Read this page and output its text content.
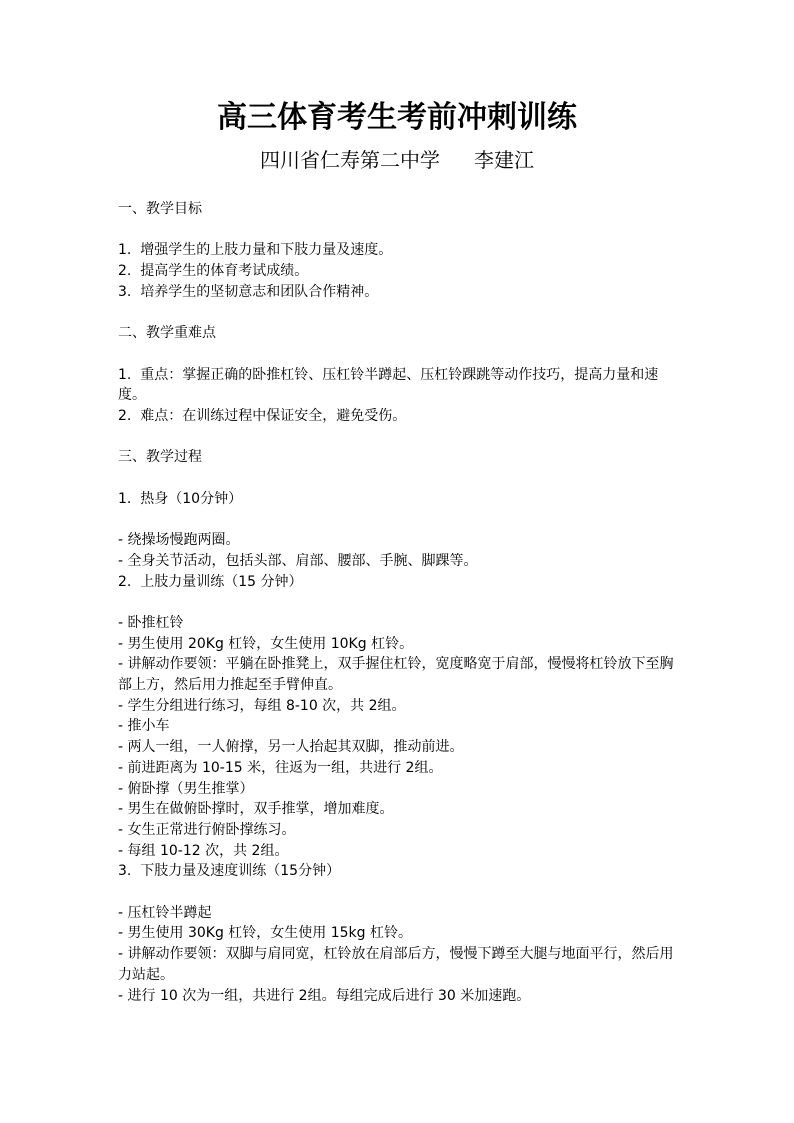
高三体育考生考前冲刺训练
四川省仁寿第二中学 李建江

一、教学目标

1.  增强学生的上肢力量和下肢力量及速度。

2.  提高学生的体育考试成绩。

3.  培养学生的坚韧意志和团队合作精神。

二、教学重难点

1.  重点：掌握正确的卧推杠铃、压杠铃半蹲起、压杠铃踝跳等动作技巧，提高力量和速度。

2.  难点：在训练过程中保证安全，避免受伤。

三、教学过程

1.  热身（10分钟）

- 绕操场慢跑两圈。

- 全身关节活动，包括头部、肩部、腰部、手腕、脚踝等。

2.  上肢力量训练（15 分钟）

- 卧推杠铃

- 男生使用 20Kg 杠铃，女生使用 10Kg 杠铃。

- 讲解动作要领：平躺在卧推凳上，双手握住杠铃，宽度略宽于肩部，慢慢将杠铃放下至胸部上方，然后用力推起至手臂伸直。

- 学生分组进行练习，每组 8-10 次，共 2组。

- 推小车

- 两人一组，一人俯撑，另一人抬起其双脚，推动前进。

- 前进距离为 10-15 米，往返为一组，共进行 2组。

- 俯卧撑（男生推掌）

- 男生在做俯卧撑时，双手推掌，增加难度。

- 女生正常进行俯卧撑练习。

- 每组 10-12 次，共 2组。

3.  下肢力量及速度训练（15分钟）

- 压杠铃半蹲起

- 男生使用 30Kg 杠铃，女生使用 15kg 杠铃。

- 讲解动作要领：双脚与肩同宽，杠铃放在肩部后方，慢慢下蹲至大腿与地面平行，然后用力站起。

- 进行 10 次为一组，共进行 2组。每组完成后进行 30 米加速跑。
